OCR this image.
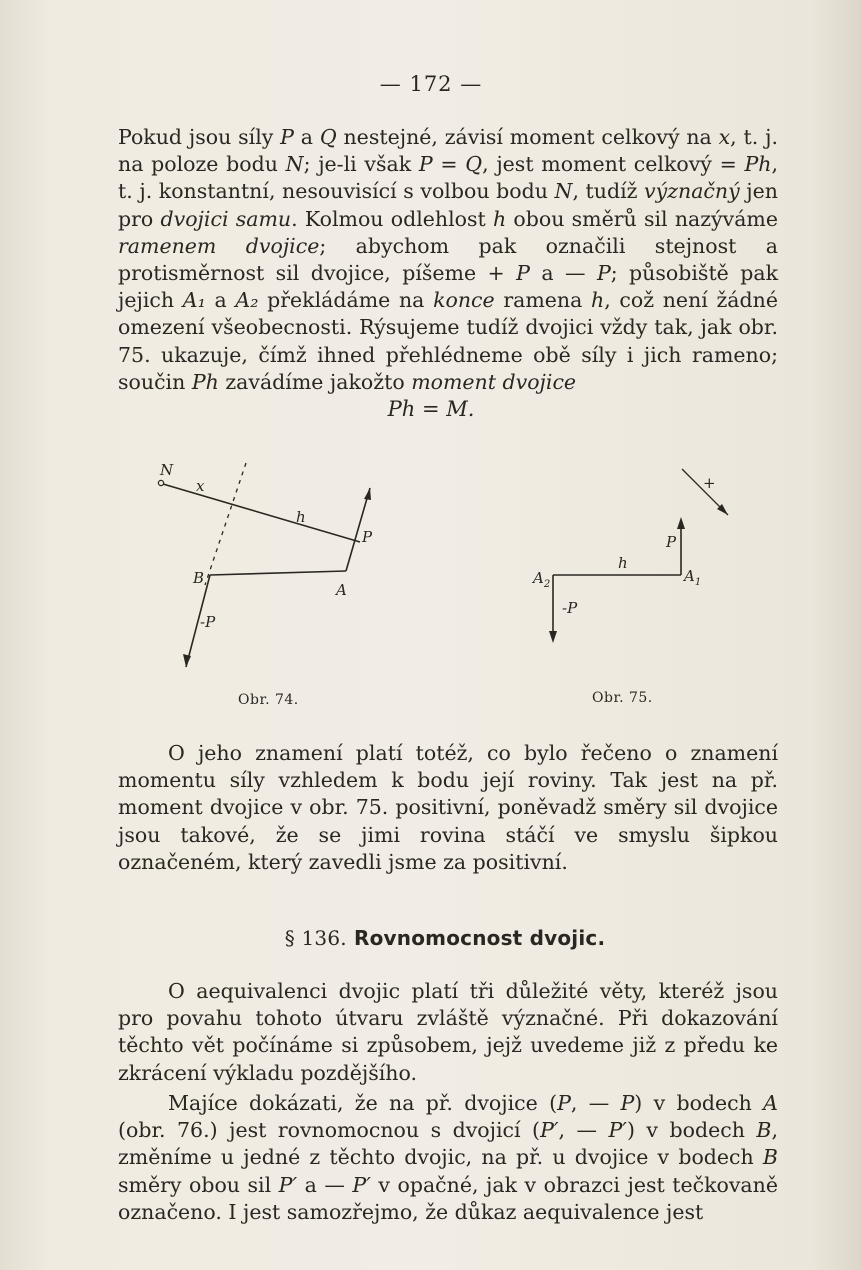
— 172 —
Pokud jsou síly P a Q nestejné, závisí moment celkový na x, t. j. na poloze bodu N; je-li však P = Q, jest moment celkový = Ph, t. j. konstantní, nesouvisící s volbou bodu N, tudíž význačný jen pro dvojici samu. Kolmou odlehlost h obou směrů sil nazýváme ramenem dvojice; abychom pak označili stejnost a protisměrnost sil dvojice, píšeme + P a — P; působiště pak jejich A₁ a A₂ překládáme na konce ramena h, což není žádné omezení všeobecnosti. Rýsujeme tudíž dvojici vždy tak, jak obr. 75. ukazuje, čímž ihned přehlédneme obě síly i jich rameno; součin Ph zavádíme jakožto moment dvojice
Ph = M.
N
x
h
P
B
A
-P
Obr. 74.
+
P
h
$A_1$
$A_2$
-P
Obr. 75.
O jeho znamení platí totéž, co bylo řečeno o znamení momentu síly vzhledem k bodu její roviny. Tak jest na př. moment dvojice v obr. 75. positivní, poněvadž směry sil dvojice jsou takové, že se jimi rovina stáčí ve smyslu šipkou označeném, který zavedli jsme za positivní.
§ 136. Rovnomocnost dvojic.
O aequivalenci dvojic platí tři důležité věty, kteréž jsou pro povahu tohoto útvaru zvláště význačné. Při dokazování těchto vět počínáme si způsobem, jejž uvedeme již z předu ke zkrácení výkladu pozdějšího.
Majíce dokázati, že na př. dvojice (P, — P) v bodech A (obr. 76.) jest rovnomocnou s dvojicí (P′, — P′) v bodech B, změníme u jedné z těchto dvojic, na př. u dvojice v bodech B směry obou sil P′ a — P′ v opačné, jak v obrazci jest tečkovaně označeno. I jest samozřejmo, že důkaz aequivalence jest
